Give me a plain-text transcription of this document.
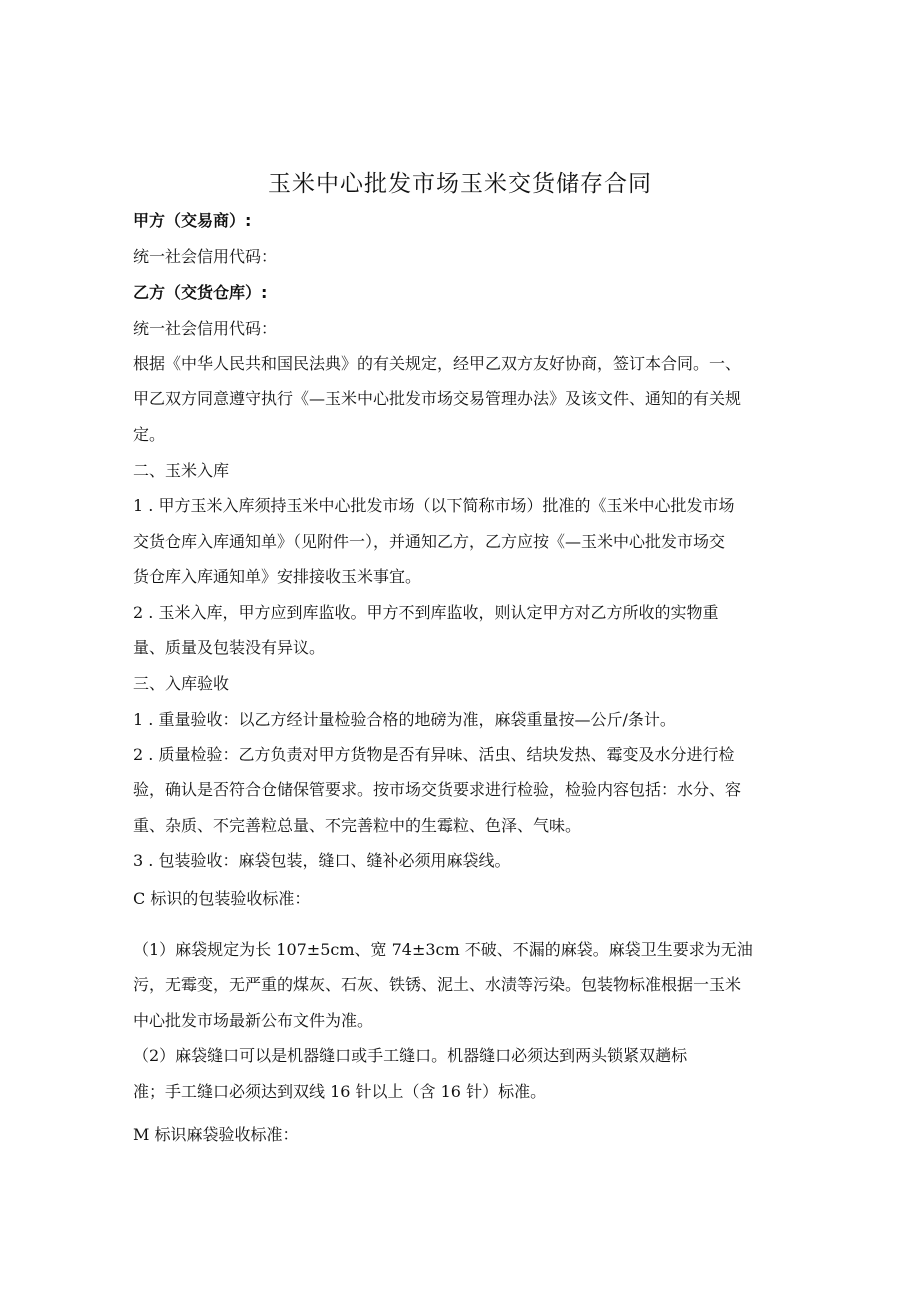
玉米中心批发市场玉米交货储存合同
甲方（交易商）:
统一社会信用代码：
乙方（交货仓库）:
统一社会信用代码：
根据《中华人民共和国民法典》的有关规定，经甲乙双方友好协商，签订本合同。一、
甲乙双方同意遵守执行《—玉米中心批发市场交易管理办法》及该文件、通知的有关规
定。
二、玉米入库
1 . 甲方玉米入库须持玉米中心批发市场（以下简称市场）批准的《玉米中心批发市场
交货仓库入库通知单》（见附件一），并通知乙方，乙方应按《—玉米中心批发市场交
货仓库入库通知单》安排接收玉米事宜。
2 . 玉米入库，甲方应到库监收。甲方不到库监收，则认定甲方对乙方所收的实物重
量、质量及包装没有异议。
三、入库验收
1 . 重量验收：以乙方经计量检验合格的地磅为准，麻袋重量按—公斤/条计。
2 . 质量检验：乙方负责对甲方货物是否有异味、活虫、结块发热、霉变及水分进行检
验，确认是否符合仓储保管要求。按市场交货要求进行检验，检验内容包括：水分、容
重、杂质、不完善粒总量、不完善粒中的生霉粒、色泽、气味。
3 . 包装验收：麻袋包装，缝口、缝补必须用麻袋线。
C 标识的包装验收标准：
（1）麻袋规定为长 107±5cm、宽 74±3cm 不破、不漏的麻袋。麻袋卫生要求为无油
污，无霉变，无严重的煤灰、石灰、铁锈、泥土、水渍等污染。包装物标准根据一玉米
中心批发市场最新公布文件为准。
（2）麻袋缝口可以是机器缝口或手工缝口。机器缝口必须达到两头锁紧双趟标
准；手工缝口必须达到双线 16 针以上（含 16 针）标准。
M 标识麻袋验收标准：
